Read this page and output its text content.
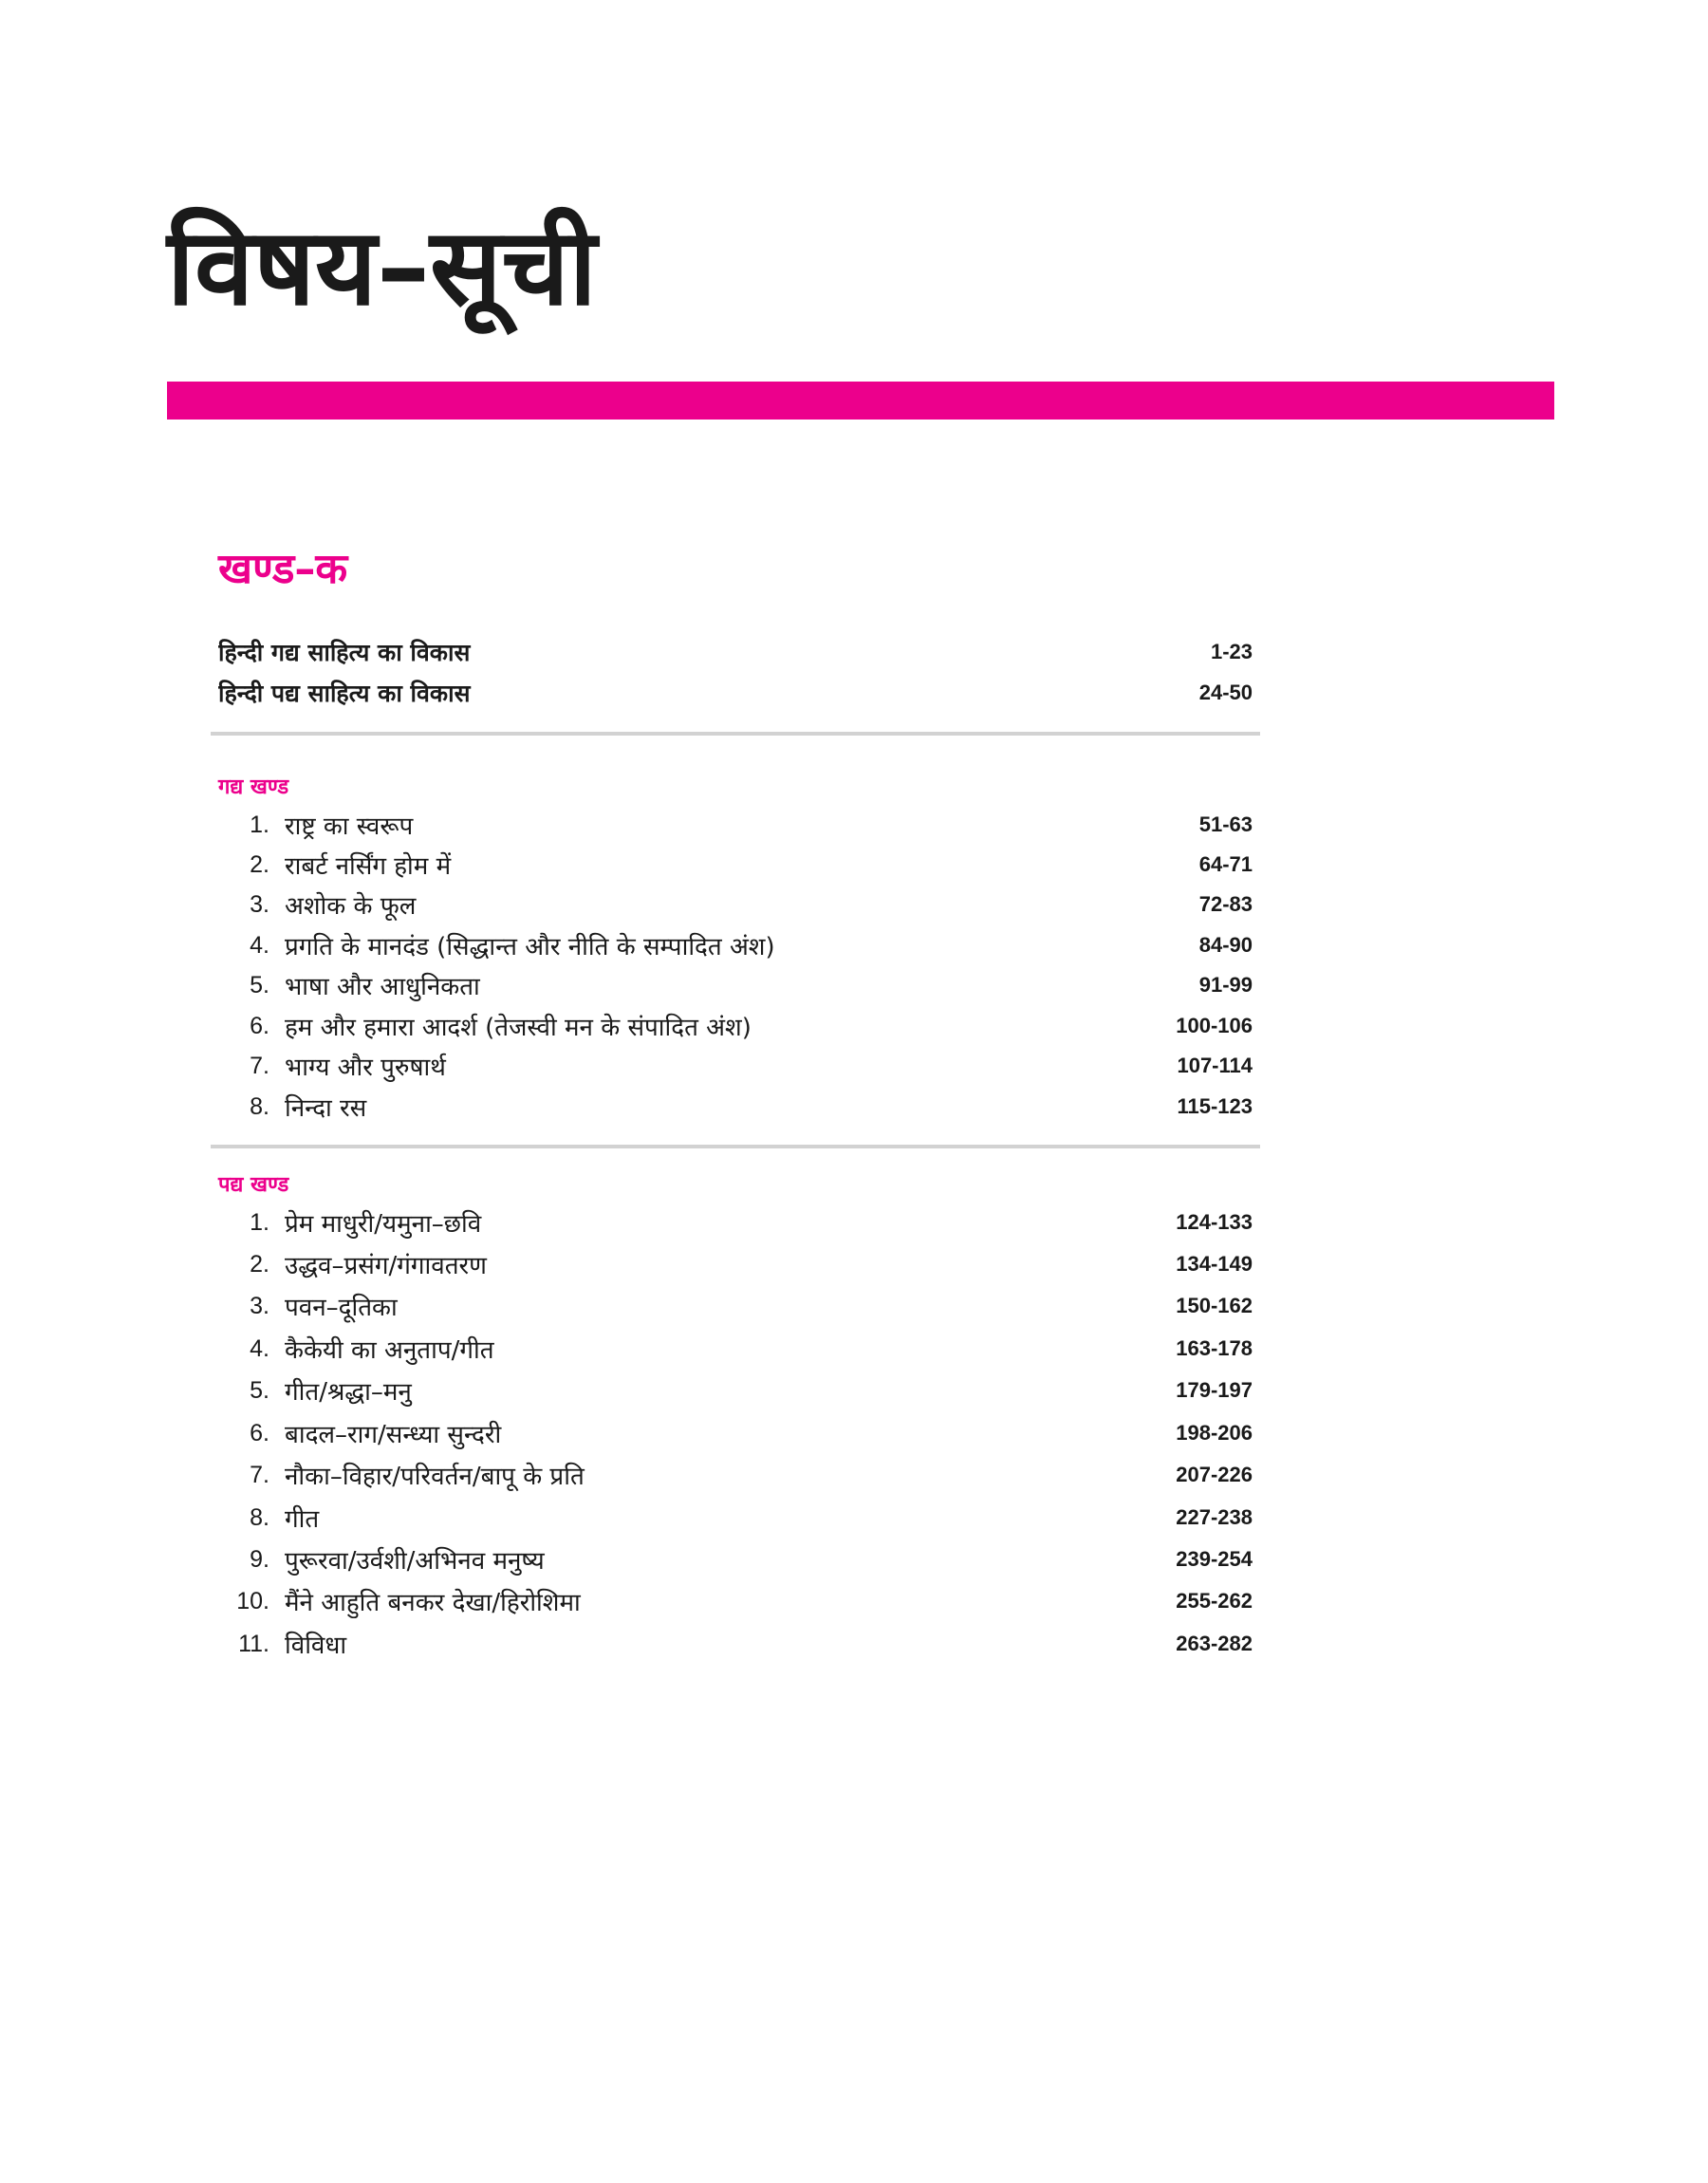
विषय–सूची
खण्ड–क
हिन्दी गद्य साहित्य का विकास	1-23
हिन्दी पद्य साहित्य का विकास	24-50
गद्य खण्ड
1. राष्ट्र का स्वरूप	51-63
2. राबर्ट नर्सिंग होम में	64-71
3. अशोक के फूल	72-83
4. प्रगति के मानदंड (सिद्धान्त और नीति के सम्पादित अंश)	84-90
5. भाषा और आधुनिकता	91-99
6. हम और हमारा आदर्श (तेजस्वी मन के संपादित अंश)	100-106
7. भाग्य और पुरुषार्थ	107-114
8. निन्दा रस	115-123
पद्य खण्ड
1. प्रेम माधुरी/यमुना–छवि	124-133
2. उद्धव–प्रसंग/गंगावतरण	134-149
3. पवन–दूतिका	150-162
4. कैकेयी का अनुताप/गीत	163-178
5. गीत/श्रद्धा–मनु	179-197
6. बादल–राग/सन्ध्या सुन्दरी	198-206
7. नौका–विहार/परिवर्तन/बापू के प्रति	207-226
8. गीत	227-238
9. पुरूरवा/उर्वशी/अभिनव मनुष्य	239-254
10. मैंने आहुति बनकर देखा/हिरोशिमा	255-262
11. विविधा	263-282
